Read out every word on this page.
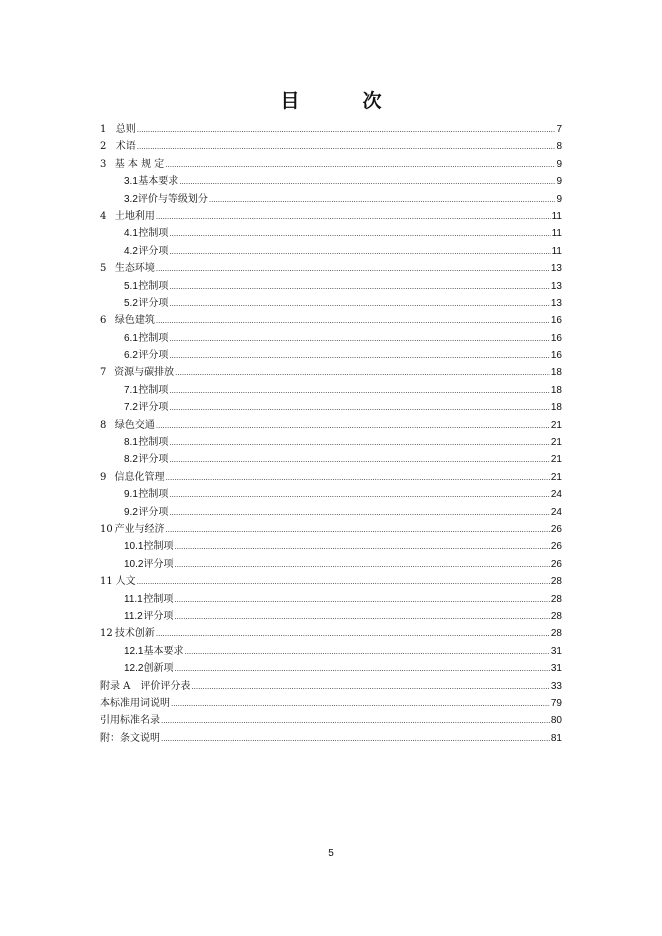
目　次
1 总则 .....	7
2 术语 .....	8
3 基 本 规 定 .....	9
3.1 基本要求 .....	9
3.2 评价与等级划分 .....	9
4 土地利用 .....	11
4.1 控制项 .....	11
4.2 评分项 .....	11
5 生态环境 .....	13
5.1 控制项 .....	13
5.2 评分项 .....	13
6 绿色建筑 .....	16
6.1 控制项 .....	16
6.2 评分项 .....	16
7 资源与碳排放 .....	18
7.1 控制项 .....	18
7.2 评分项 .....	18
8 绿色交通 .....	21
8.1 控制项 .....	21
8.2 评分项 .....	21
9 信息化管理 .....	21
9.1 控制项 .....	24
9.2 评分项 .....	24
10 产业与经济 .....	26
10.1 控制项 .....	26
10.2 评分项 .....	26
11 人文 .....	28
11.1 控制项 .....	28
11.2 评分项 .....	28
12 技术创新 .....	28
12.1 基本要求 .....	31
12.2 创新项 .....	31
附录 A　评价评分表 .....	33
本标准用词说明 .....	79
引用标准名录 .....	80
附：条文说明 .....	81
5
